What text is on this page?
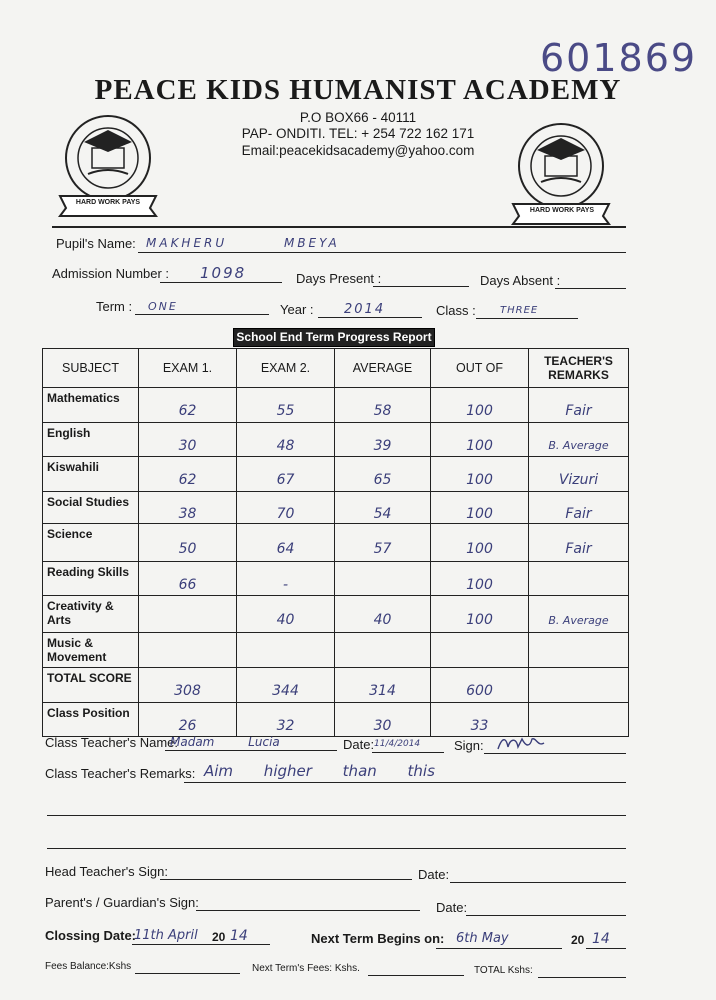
601869
PEACE KIDS HUMANIST ACADEMY
P.O BOX66 - 40111
PAP- ONDITI. TEL: + 254 722 162 171
Email:peacekidsacademy@yahoo.com
HARD WORK PAYS
HARD WORK PAYS
Pupil's Name: MAKHERU MBEYA
Admission Number : 1098	Days Present :	Days Absent :
Term : ONE	Year : 2014	Class : THREE
School End Term Progress Report
SUBJECT	EXAM 1.	EXAM 2.	AVERAGE	OUT OF	TEACHER'S REMARKS
Mathematics	62	55	58	100	Fair
English	30	48	39	100	B. Average
Kiswahili	62	67	65	100	Vizuri
Social Studies	38	70	54	100	Fair
Science	50	64	57	100	Fair
Reading Skills	66	-		100	
Creativity & Arts		40	40	100	B. Average
Music & Movement					
TOTAL SCORE	308	344	314	600	
Class Position	26	32	30	33	
Class Teacher's Name:
Madam Lucia	Date: 11/4/2014	Sign:
Class Teacher's Remarks: Aim higher than this
Head Teacher's Sign:	Date:
Parent's / Guardian's Sign:	Date:
Clossing Date:
11th April 20 14	Next Term Begins on: 6th May	20 14
Fees Balance:Kshs	Next Term's Fees: Kshs.	TOTAL Kshs:
